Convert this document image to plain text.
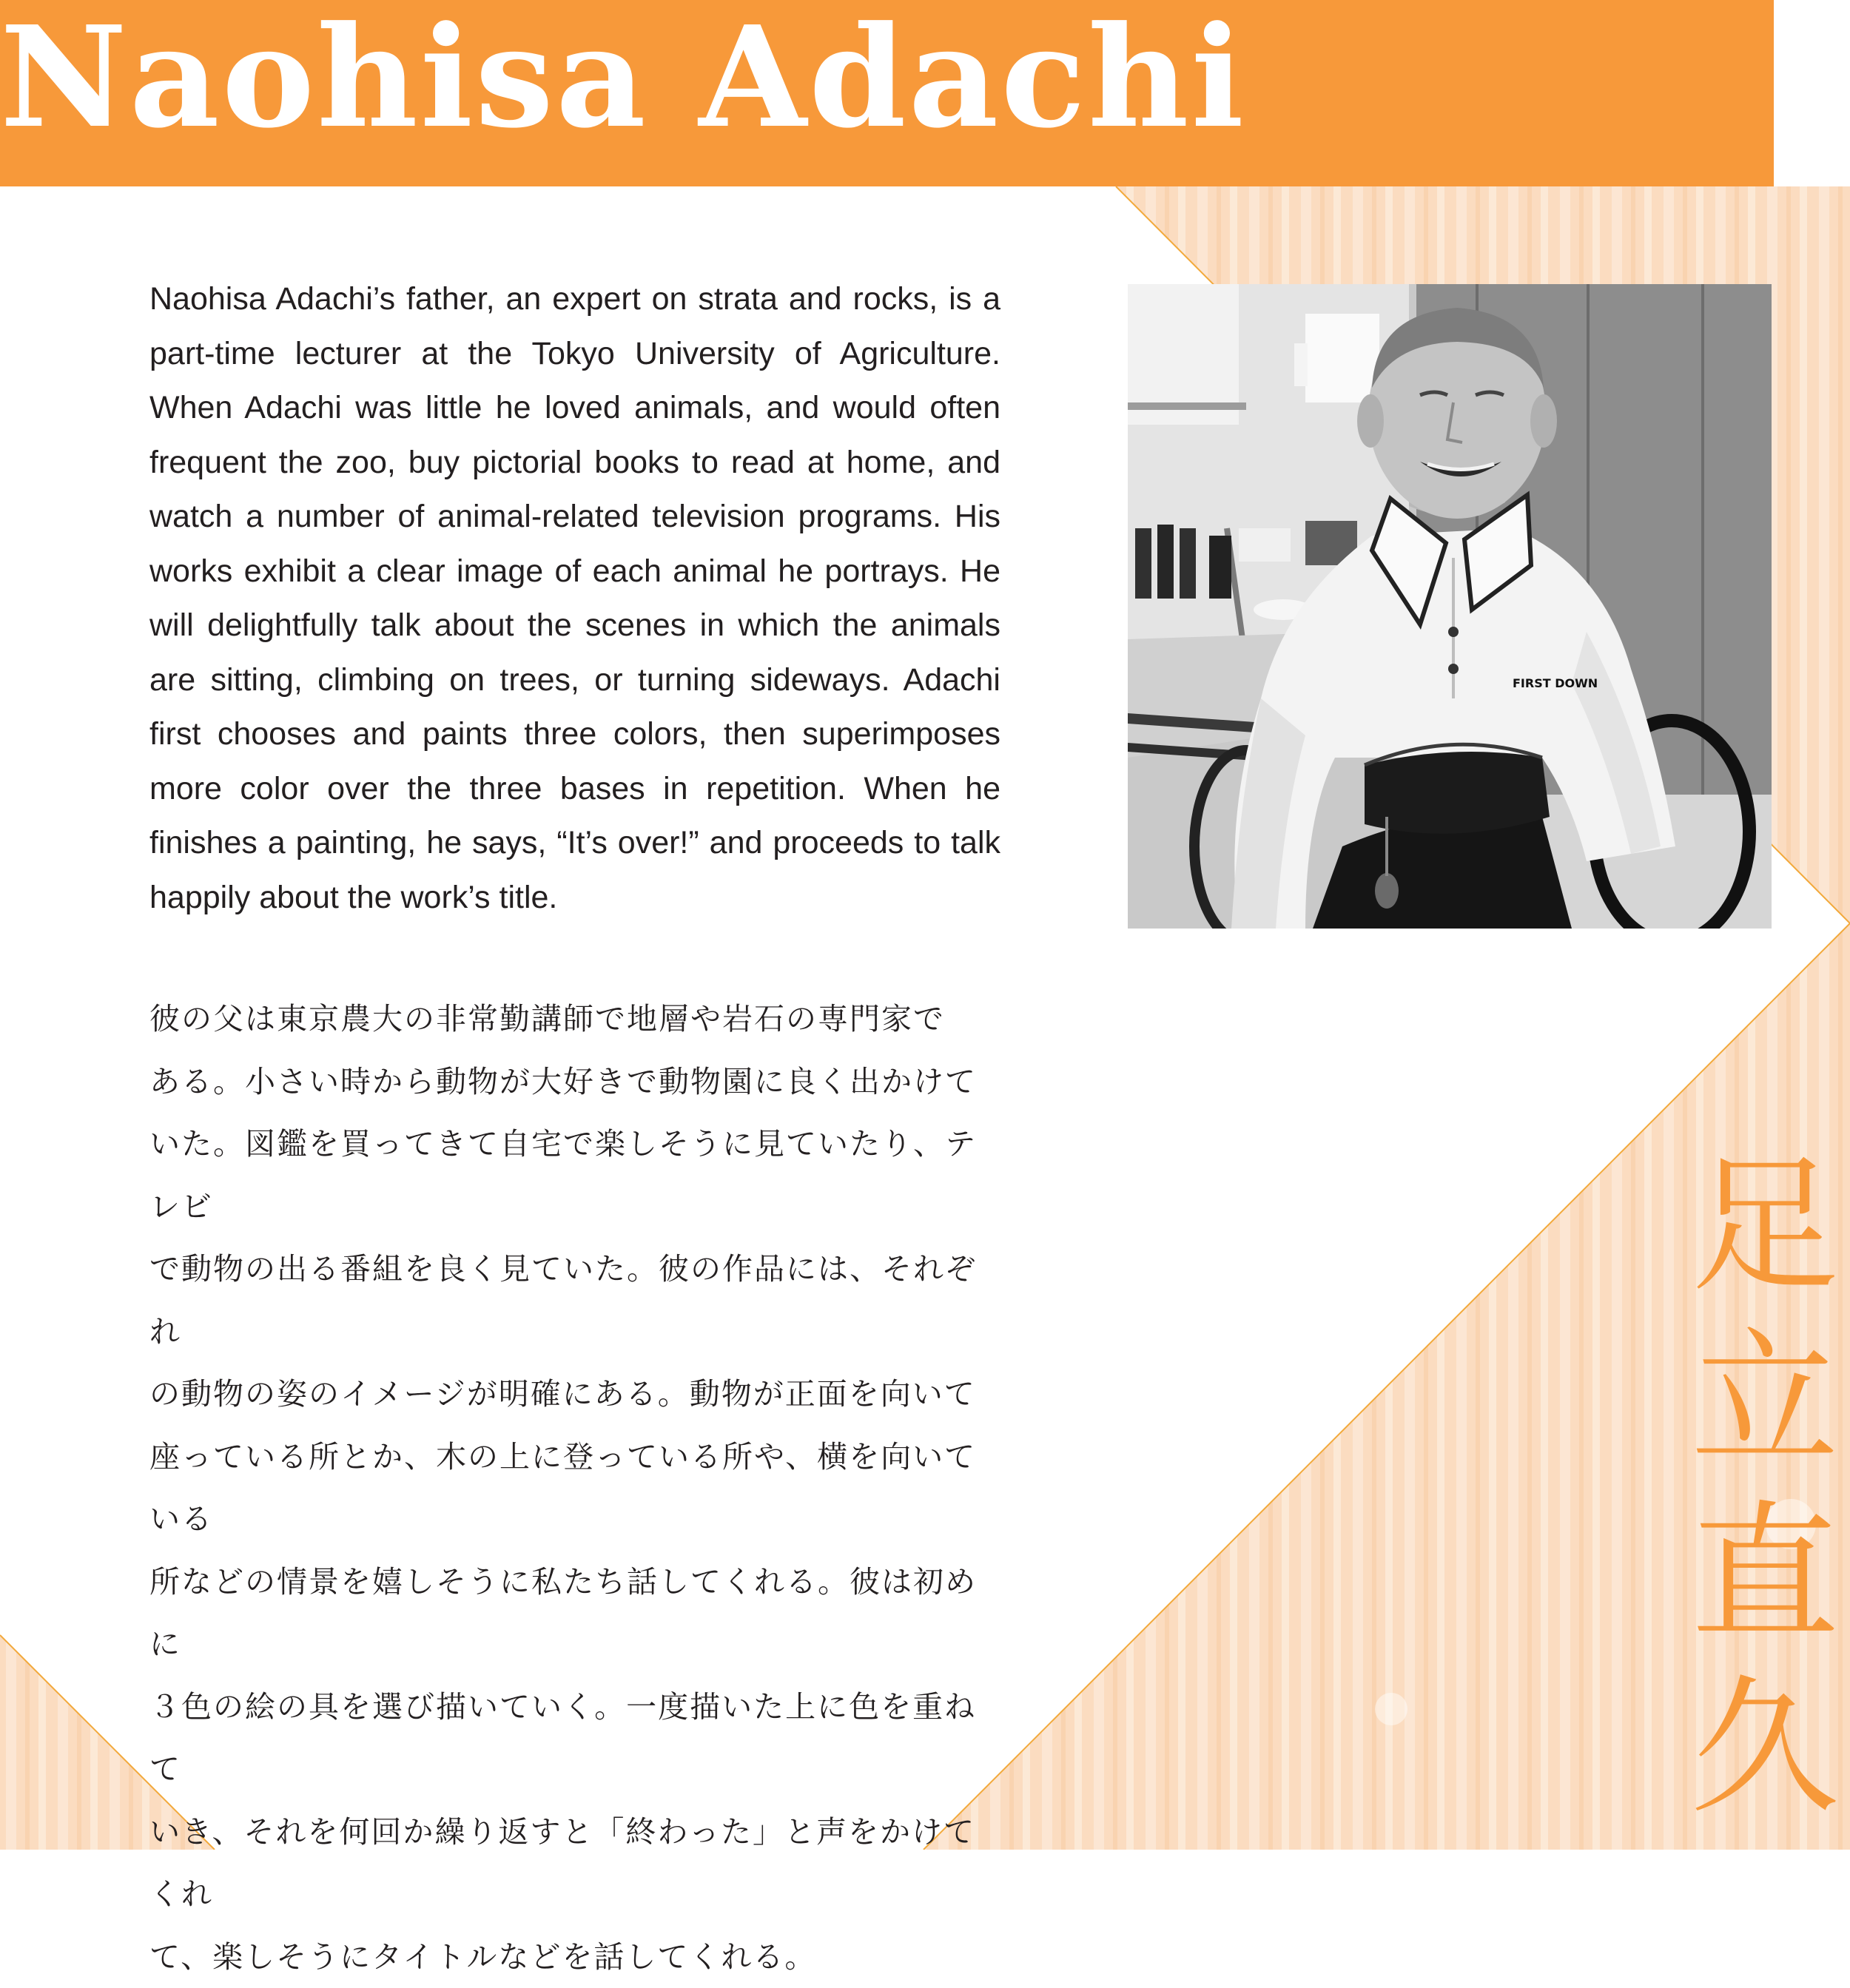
Naohisa Adachi

Naohisa Adachi’s father, an expert on strata and rocks, is a part-time lecturer at the Tokyo University of Agriculture. When Adachi was little he loved animals, and would often frequent the zoo, buy pictorial books to read at home, and watch a number of animal-related television programs. His works exhibit a clear image of each animal he portrays. He will delightfully talk about the scenes in which the animals are sitting, climbing on trees, or turning sideways. Adachi first chooses and paints three colors, then superimposes more color over the three bases in repetition. When he finishes a painting, he says, “It’s over!” and proceeds to talk happily about the work’s title.

彼の父は東京農大の非常勤講師で地層や岩石の専門家で
ある。小さい時から動物が大好きで動物園に良く出かけて
いた。図鑑を買ってきて自宅で楽しそうに見ていたり、テレビ
で動物の出る番組を良く見ていた。彼の作品には、それぞれ
の動物の姿のイメージが明確にある。動物が正面を向いて
座っている所とか、木の上に登っている所や、横を向いている
所などの情景を嬉しそうに私たち話してくれる。彼は初めに
３色の絵の具を選び描いていく。一度描いた上に色を重ねて
いき、それを何回か繰り返すと「終わった」と声をかけてくれ
て、楽しそうにタイトルなどを話してくれる。
FIRST DOWN
足
立
直
久
